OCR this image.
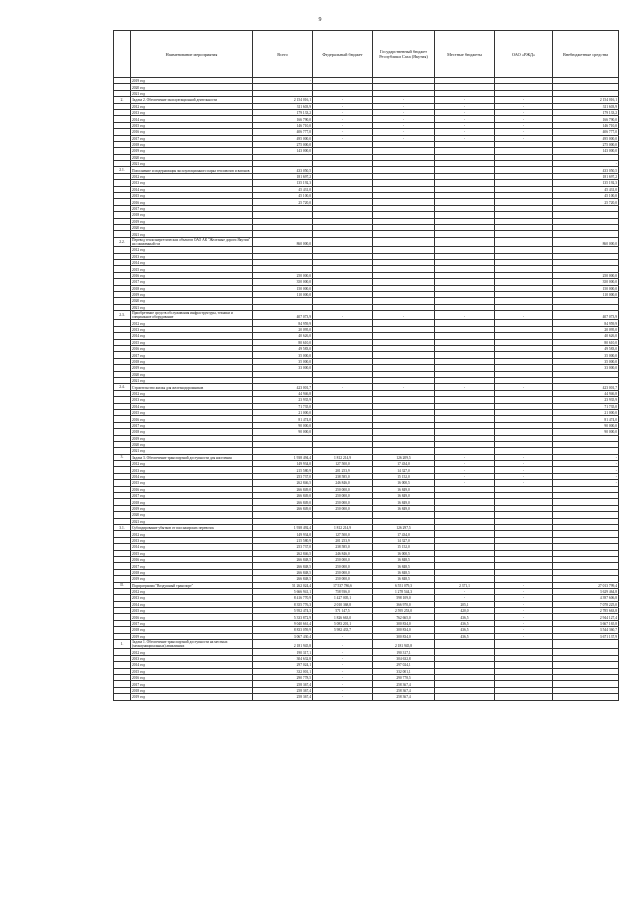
9
	Наименование мероприятия	Всего	Федеральный бюджет	Государственный бюджет Республики Саха (Якутия)	Местные бюджеты	ОАО «РЖД»	Внебюджетные средства
	2019 год	-					
	2020 год						
	2021 год						
2.	Задача 2. Обеспечение эксплуатационной деятельности	2 154 016,1	-	-	-	-	2 154 016,1
	2012 год	311 603,9	-	-	-	-	311 603,9
	2013 год	179 133,2	-	-	-	-	179 133,2
	2014 год	166 790,0	-	-	-	-	166 790,0
	2015 год	146 710,0	-	-	-	-	146 710,0
	2016 год	406 777,0	-	-	-	-	406 777,0
	2017 год	495 000,0	-	-	-	-	495 000,0
	2018 год	275 000,0					275 000,0
	2019 год	143 000,0					143 000,0
	2020 год						
	2021 год						-
2.1.	Пополнение и модернизация эксплуатационного парка тепловозов и вагонов	433 050,5					433 050,5
	2012 год	181 697,2					181 697,2
	2013 год	135 192,3					135 192,3
	2014 год	45 431,0					45 431,0
	2015 год	45 100,0					45 100,0
	2016 год	25 720,0					25 720,0
	2017 год						
	2018 год						
	2019 год						
	2020 год						
	2021 год						
2.2.	Перевод теплоэнергетических объектов ОАО АК "Железные дороги Якутии" на сжиженный газ	860 000,0					860 000,0
	2012 год						
	2013 год						
	2014 год						
	2015 год						
	2016 год	250 000,0					250 000,0
	2017 год	350 000,0					350 000,0
	2018 год	150 000,0					150 000,0
	2019 год	110 000,0					110 000,0
	2020 год						
	2021 год						
2.3.	Приобретение средств обслуживания инфраструктуры, техники и специальное оборудование	407 073,9	-	-	-	-	407 073,9
	2012 год	84 959,9					84 959,9
	2013 год	20 095,0					20 095,0
	2014 год	40 626,0					40 626,0
	2015 год	80 610,0					80 610,0
	2016 год	49 583,0					49 583,0
	2017 год	35 000,0					35 000,0
	2018 год	35 000,0					35 000,0
	2019 год	33 000,0					33 000,0
	2020 год						
	2021 год						
2.4.	Строительство жилья для железнодорожников	423 001,7	-	-	-	-	423 001,7
	2012 год	44 946,8					44 946,8
	2013 год	23 935,9					23 935,9
	2014 год	71 735,0					71 735,0
	2015 год	21 000,0					21 000,0
	2016 год	81 474,0					81 474,0
	2017 год	90 000,0					90 000,0
	2018 год	90 000,0					90 000,0
	2019 год						
	2020 год						
	2021 год						
3.	Задача 3. Обеспечение транспортной доступности для населения	1 938 494,4	1 812 214,9	126 209,5	-	-	-
	2012 год	149 934,0	127 500,0	17 434,0	-	-	-
	2013 год	215 580,9	201 253,9	14 327,0	-	-	-
	2014 год	253 737,0	238 585,0	15 152,0	-	-	-
	2015 год	262 846,5	246 846,0	16 000,5	-	-	-
	2016 год	266 849,0	250 000,0	16 849,0			
	2017 год	266 849,0	250 000,0	16 849,0			
	2018 год	266 849,0	250 000,0	16 849,0			
	2019 год	266 849,0	250 000,0	16 849,0			
	2020 год						
	2021 год						
3.1.	Субсидирование убытков от пассажирских перевозок	1 938 492,4	1 812 214,9	126 297,5			
	2012 год	149 934,0	127 500,0	17 434,0			
	2013 год	215 580,9	201 253,9	14 327,0			
	2014 год	253 737,0	238 585,0	15 152,0			
	2015 год	262 846,5	246 846,0	16 000,5			
	2016 год	266 848,5	250 000,0	16 848,5			
	2017 год	266 848,5	250 000,0	16 848,5			
	2018 год	266 848,5	250 000,0	16 848,5			
	2019 год	266 848,5	250 000,0	16 848,5			
II.	Подпрограмма "Воздушный транспорт"	51 262 024,4	17 537 786,6	6 551 079,3	2 371,1	-	27 013 799,4
	2012 год	5 666 941,1	758 936,0	1 278 544,3	-	-	3 629 464,8
	2013 год	8 416 770,9	1 427 005,1	598 109,0	-	-	4 397 606,8
	2014 год	8 355 776,3	2 010 368,8	366 970,0	205,1	-	7 078 225,0
	2015 год	5 952 474,3	571 147,5	2 595 253,0	420,0	-	2 785 663,8
	2016 год	5 333 872,9	1 826 663,0	762 665,0	436,5	-	2 944 127,4
	2017 год	9 040 661,4	5 083 201,1	300 834,0	436,5	-	3 667 165,8
	2018 год	8 833 059,9	5 982 433,7	300 834,0	436,5	-	3 544 360,7
	2019 год	3 067 430,4	-	300 834,0	436,5	-	3 671 137,9
1.	Задача 1. Обеспечение транспортной доступности на местных (межмуниципальных) авиалиниях	2 181 945,8	-	2 181 945,8			
	2012 год	190 317,1	-	190 317,1			
	2013 год	304 632,8	-	304 632,8			
	2014 год	297 024,1	-	297 024,1			
	2015 год	332 001,1	-	332 001,1			
	2016 год	290 778,5	-	290 778,5			
	2017 год	258 367,4	-	258 367,4			
	2018 год	258 367,4	-	258 367,4			
	2019 год	258 367,4	-	258 367,4			
